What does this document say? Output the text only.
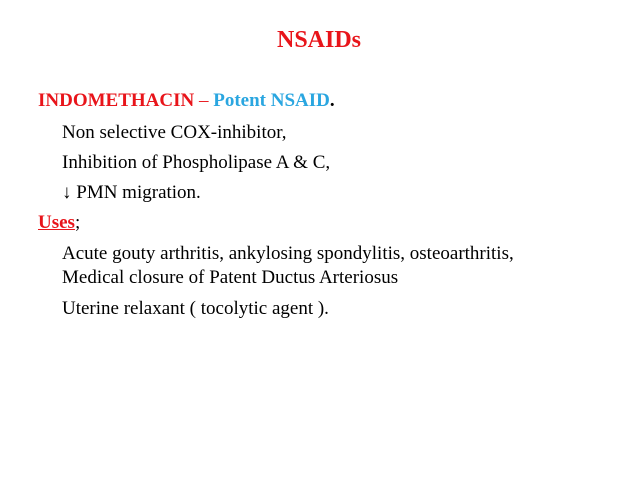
NSAIDs
INDOMETHACIN – Potent NSAID.
Non selective COX-inhibitor,
Inhibition of Phospholipase A & C,
↓ PMN migration.
Uses;
Acute gouty arthritis, ankylosing spondylitis, osteoarthritis,
Medical closure of Patent Ductus Arteriosus
Uterine relaxant ( tocolytic agent ).
